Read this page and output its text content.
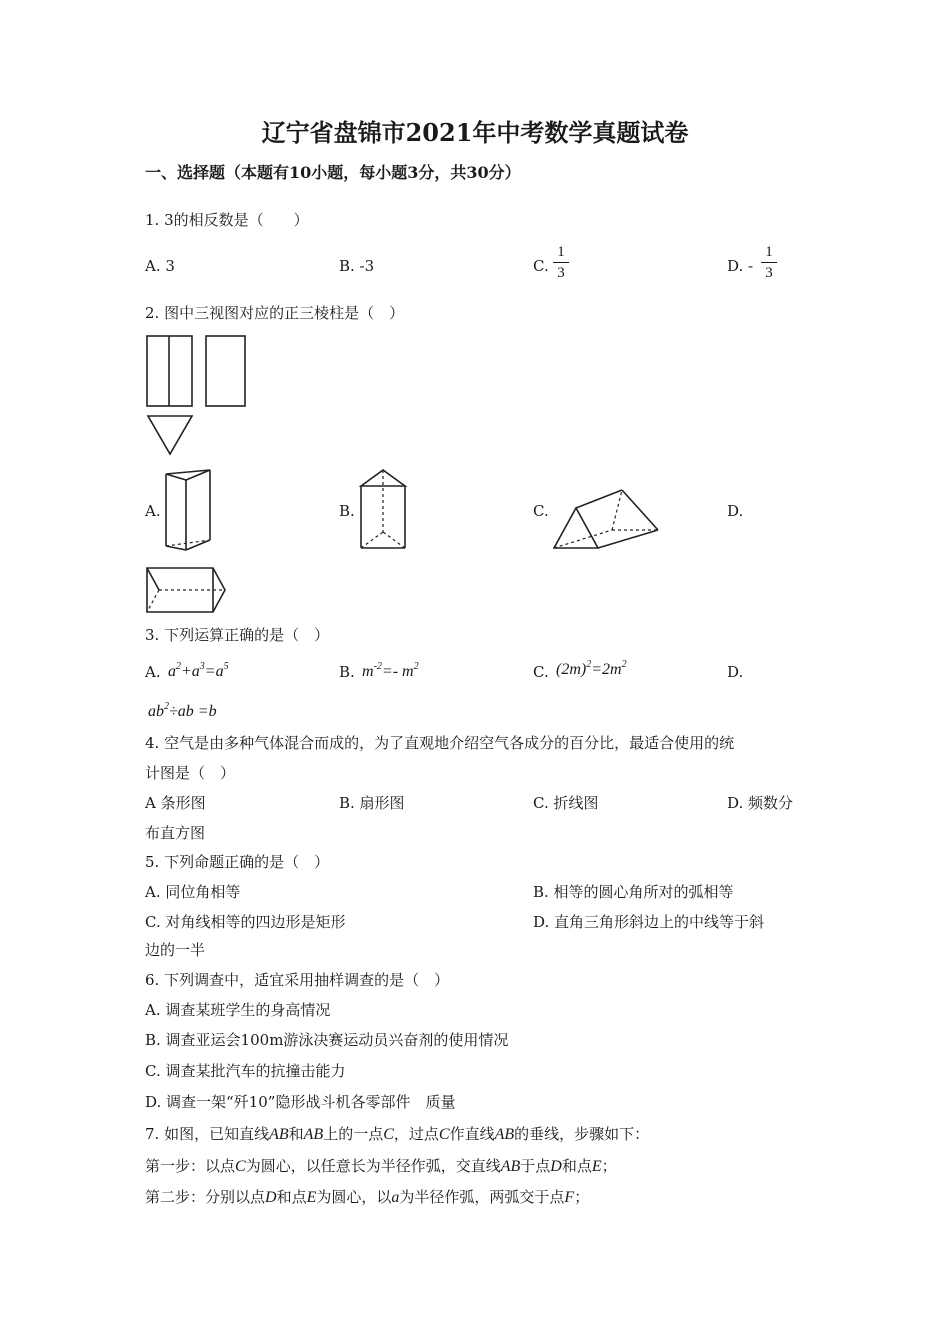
辽宁省盘锦市2021年中考数学真题试卷
一、选择题（本题有10小题，每小题3分，共30分）
1. 3的相反数是（　　）
A. 3	B. -3	C.
1
3	D. -
1
3
2. 图中三视图对应的正三棱柱是（　）
A.	B.	C.	D.
3. 下列运算正确的是（　）
A. $a^2+a^3=a^5$	B. $m^{-2}=-$ $m^2$	C. $(2m)^2=2m^2$	D.
$ab^2\div ab =b$
4. 空气是由多种气体混合而成的，为了直观地介绍空气各成分的百分比，最适合使用的统
计图是（　）
A 条形图	B. 扇形图	C. 折线图	D. 频数分
布直方图
5. 下列命题正确的是（　）
A. 同位角相等	B. 相等的圆心角所对的弧相等
C. 对角线相等的四边形是矩形	D. 直角三角形斜边上的中线等于斜
边的一半
6. 下列调查中，适宜采用抽样调查的是（　）
A. 调查某班学生的身高情况
B. 调查亚运会100m游泳决赛运动员兴奋剂的使用情况
C. 调查某批汽车的抗撞击能力
D. 调查一架“歼10”隐形战斗机各零部件　质量
7. 如图，已知直线AB和AB上的一点C，过点C作直线AB的垂线，步骤如下：
第一步：以点C为圆心，以任意长为半径作弧，交直线AB于点D和点E；
第二步：分别以点D和点E为圆心，以a为半径作弧，两弧交于点F；
